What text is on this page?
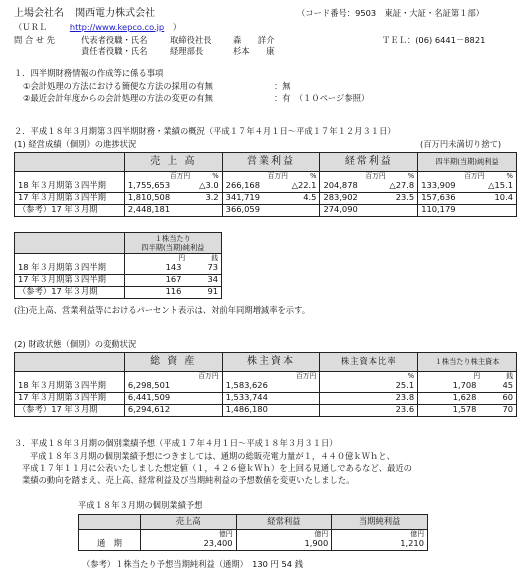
上場会社名 関西電力株式会社	（コード番号：9503　東証・大証・名証第１部）
（ＵＲＬ	http://www.kepco.co.jp ）
問 合 せ 先	代表者役職・氏名	取締役社長	森　　詳介	ＴＥＬ：(06) 6441－8821
責任者役職・氏名	経理部長	杉本　　康
１．四半期財務情報の作成等に係る事項
①会計処理の方法における簡便な方法の採用の有無	：無
②最近会計年度からの会計処理の方法の変更の有無	：有　（１０ページ参照）
２．平成１８年３月期第３四半期財務・業績の概況（平成１７年４月１日～平成１７年１２月３１日）
(1) 経営成績（個別）の進捗状況	(百万円未満切り捨て)
	売 上 高	営業利益	経常利益	四半期(当期)純利益

	百万円 %	百万円 %	百万円 %	百万円 %

18 年３月期第３四半期	1,755,653 △3.0	266,168 △22.1	204,878 △27.8	133,909 △15.1

17 年３月期第３四半期	1,810,508 3.2	341,719 4.5	283,902 23.5	157,636 10.4

（参考）17 年３月期	2,448,181	366,059	274,090	110,179

	１株当たり
四半期(当期)純利益

	円 銭

18 年３月期第３四半期	143 73

17 年３月期第３四半期	167 34

（参考）17 年３月期	116 91
(注)売上高、営業利益等におけるパーセント表示は、対前年同期増減率を示す。
(2) 財政状態（個別）の変動状況
	総 資 産	株主資本	株主資本比率	１株当たり株主資本
	百万円	百万円	%	円 銭

18 年３月期第３四半期	6,298,501	1,583,626	25.1	1,708 45

17 年３月期第３四半期	6,441,509	1,533,744	23.8	1,628 60

（参考）17 年３月期	6,294,612	1,486,180	23.6	1,578 70
３．平成１８年３月期の個別業績予想（平成１７年４月１日～平成１８年３月３１日）
平成１８年３月期の個別業績予想につきましては、通期の総販売電力量が１，４４０億ｋＷｈと、
平成１７年１１月に公表いたしました想定値（１，４２６億ｋＷｈ）を上回る見通しであるなど、最近の
業績の動向を踏まえ、売上高、経常利益及び当期純利益の予想数値を変更いたしました。
平成１８年３月期の個別業績予想
	売上高	経常利益	当期純利益
	億円	億円	億円
通　期	23,400	1,900	1,210
（参考）１株当たり予想当期純利益（通期）　130 円 54 銭
